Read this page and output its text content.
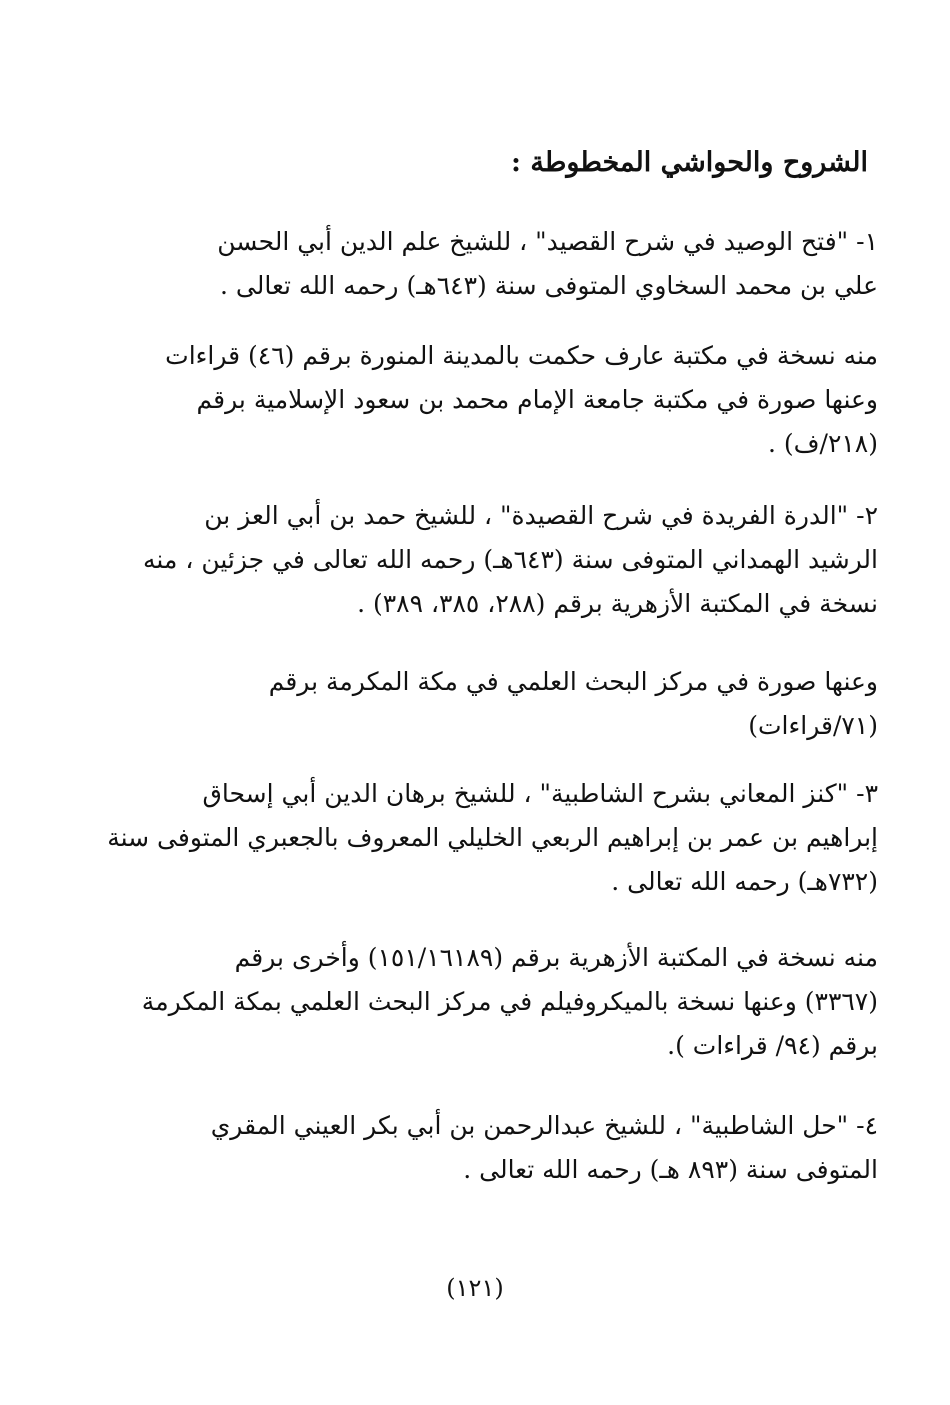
الشروح والحواشي المخطوطة :
١- "فتح الوصيد في شرح القصيد" ، للشيخ علم الدين أبي الحسن
علي بن محمد السخاوي المتوفى سنة (٦٤٣هـ) رحمه الله تعالى .
منه نسخة في مكتبة عارف حكمت بالمدينة المنورة برقم (٤٦) قراءات
وعنها صورة في مكتبة جامعة الإمام محمد بن سعود الإسلامية برقم
(٢١٨/ف) .
٢- "الدرة الفريدة في شرح القصيدة" ، للشيخ حمد بن أبي العز بن
الرشيد الهمداني المتوفى سنة (٦٤٣هـ) رحمه الله تعالى في جزئين ، منه
نسخة في المكتبة الأزهرية برقم (٢٨٨، ٣٨٥، ٣٨٩) .
وعنها صورة في مركز البحث العلمي في مكة المكرمة برقم
(٧١/قراءات)
٣- "كنز المعاني بشرح الشاطبية" ، للشيخ برهان الدين أبي إسحاق
إبراهيم بن عمر بن إبراهيم الربعي الخليلي المعروف بالجعبري المتوفى سنة
(٧٣٢هـ) رحمه الله تعالى .
منه نسخة في المكتبة الأزهرية برقم (١٥١/١٦١٨٩) وأخرى برقم
(٣٣٦٧) وعنها نسخة بالميكروفيلم في مركز البحث العلمي بمكة المكرمة
برقم (٩٤/ قراءات ).
٤- "حل الشاطبية" ، للشيخ عبدالرحمن بن أبي بكر العيني المقري
المتوفى سنة (٨٩٣ هـ) رحمه الله تعالى .
(١٢١)
